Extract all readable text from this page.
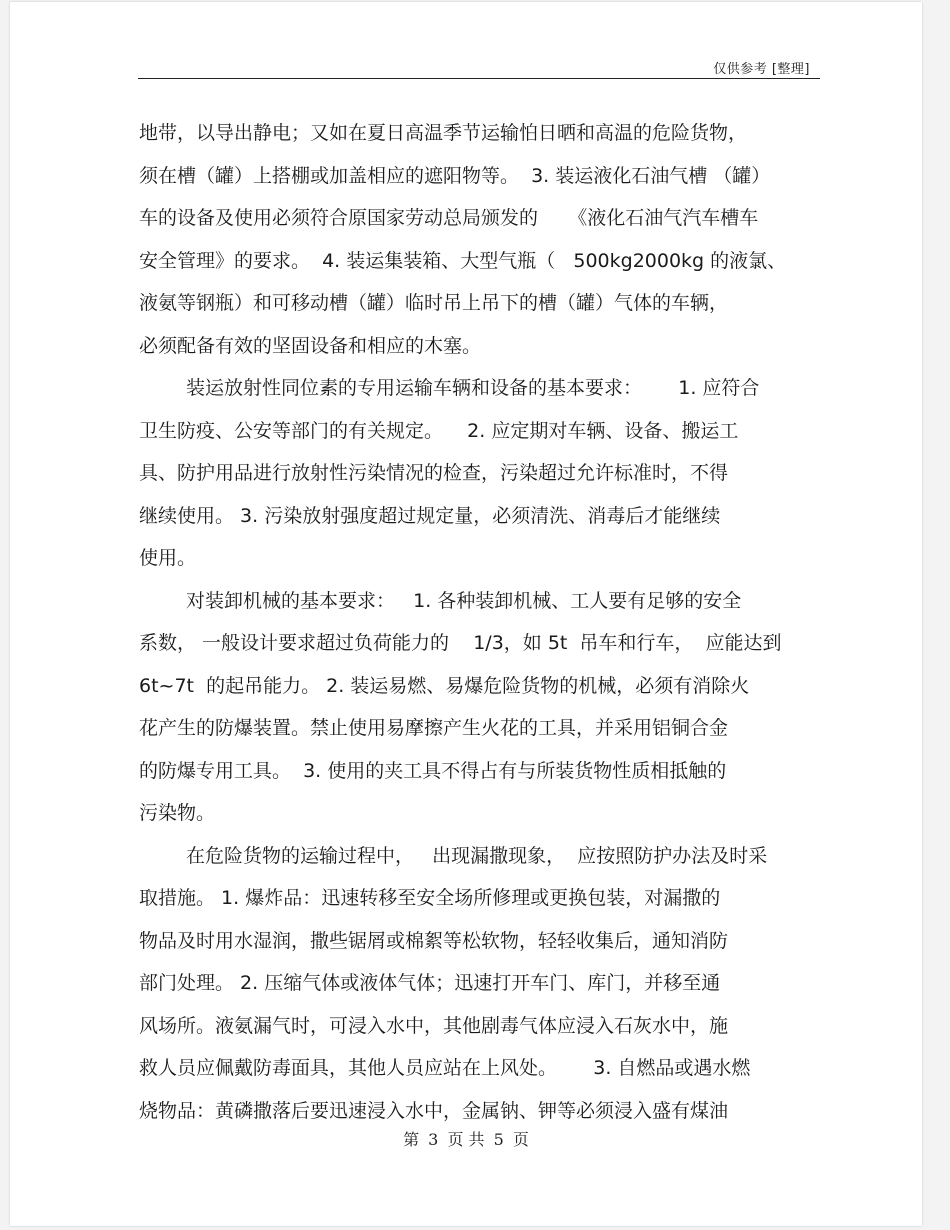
仅供参考 [整理]
地带，以导出静电；又如在夏日高温季节运输怕日晒和高温的危险货物，
须在槽（罐）上搭棚或加盖相应的遮阳物等。  3. 装运液化石油气槽 （罐）
车的设备及使用必须符合原国家劳动总局颁发的     《液化石油气汽车槽车
安全管理》的要求。  4. 装运集装箱、大型气瓶（   500kg2000kg 的液氯、
液氨等钢瓶）和可移动槽（罐）临时吊上吊下的槽（罐）气体的车辆，
必须配备有效的坚固设备和相应的木塞。
装运放射性同位素的专用运输车辆和设备的基本要求：      1. 应符合
卫生防疫、公安等部门的有关规定。    2. 应定期对车辆、设备、搬运工
具、防护用品进行放射性污染情况的检查，污染超过允许标准时，不得
继续使用。 3. 污染放射强度超过规定量，必须清洗、消毒后才能继续
使用。
对装卸机械的基本要求：   1. 各种装卸机械、工人要有足够的安全
系数， 一般设计要求超过负荷能力的    1/3，如 5t  吊车和行车，  应能达到
6t~7t  的起吊能力。 2. 装运易燃、易爆危险货物的机械，必须有消除火
花产生的防爆装置。禁止使用易摩擦产生火花的工具，并采用铝铜合金
的防爆专用工具。  3. 使用的夹工具不得占有与所装货物性质相抵触的
污染物。
在危险货物的运输过程中，   出现漏撒现象，  应按照防护办法及时采
取措施。 1. 爆炸品：迅速转移至安全场所修理或更换包装，对漏撒的
物品及时用水湿润，撒些锯屑或棉絮等松软物，轻轻收集后，通知消防
部门处理。 2. 压缩气体或液体气体；迅速打开车门、库门，并移至通
风场所。液氨漏气时，可浸入水中，其他剧毒气体应浸入石灰水中，施
救人员应佩戴防毒面具，其他人员应站在上风处。      3. 自燃品或遇水燃
烧物品：黄磷撒落后要迅速浸入水中，金属钠、钾等必须浸入盛有煤油
第 3 页 共 5 页
